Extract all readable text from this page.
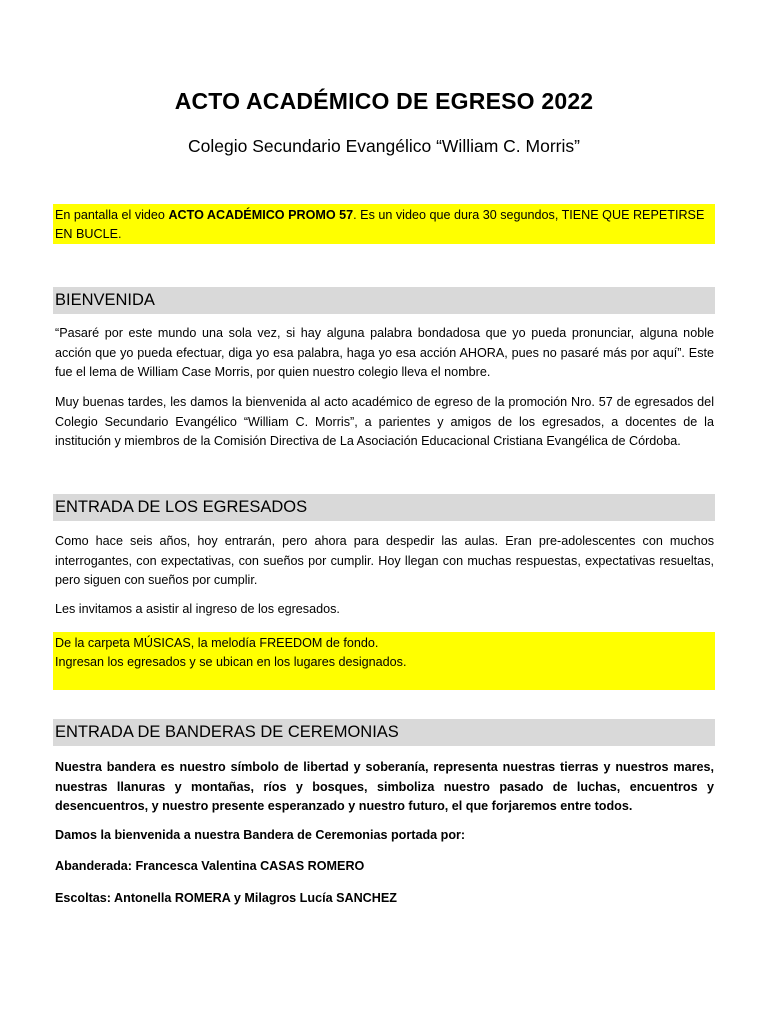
ACTO ACADÉMICO DE EGRESO 2022
Colegio Secundario Evangélico “William C. Morris”
En pantalla el video ACTO ACADÉMICO PROMO 57. Es un video que dura 30 segundos, TIENE QUE REPETIRSE EN BUCLE.
BIENVENIDA

“Pasaré por este mundo una sola vez, si hay alguna palabra bondadosa que yo pueda pronunciar, alguna noble acción que yo pueda efectuar, diga yo esa palabra, haga yo esa acción AHORA, pues no pasaré más por aquí”. Este fue el lema de William Case Morris, por quien nuestro colegio lleva el nombre.

Muy buenas tardes, les damos la bienvenida al acto académico de egreso de la promoción Nro. 57 de egresados del Colegio Secundario Evangélico “William C. Morris”, a parientes y amigos de los egresados, a docentes de la institución y miembros de la Comisión Directiva de La Asociación Educacional Cristiana Evangélica de Córdoba.

ENTRADA DE LOS EGRESADOS

Como hace seis años, hoy entrarán, pero ahora para despedir las aulas. Eran pre-adolescentes con muchos interrogantes, con expectativas, con sueños por cumplir. Hoy llegan con muchas respuestas, expectativas resueltas, pero siguen con sueños por cumplir.

Les invitamos a asistir al ingreso de los egresados.

De la carpeta MÚSICAS, la melodía FREEDOM de fondo.
Ingresan los egresados y se ubican en los lugares designados.
ENTRADA DE BANDERAS DE CEREMONIAS

Nuestra bandera es nuestro símbolo de libertad y soberanía, representa nuestras tierras y nuestros mares, nuestras llanuras y montañas, ríos y bosques, simboliza nuestro pasado de luchas, encuentros y desencuentros, y nuestro presente esperanzado y nuestro futuro, el que forjaremos entre todos.

Damos la bienvenida a nuestra Bandera de Ceremonias portada por:

Abanderada: Francesca Valentina CASAS ROMERO

Escoltas: Antonella ROMERA y Milagros Lucía SANCHEZ
